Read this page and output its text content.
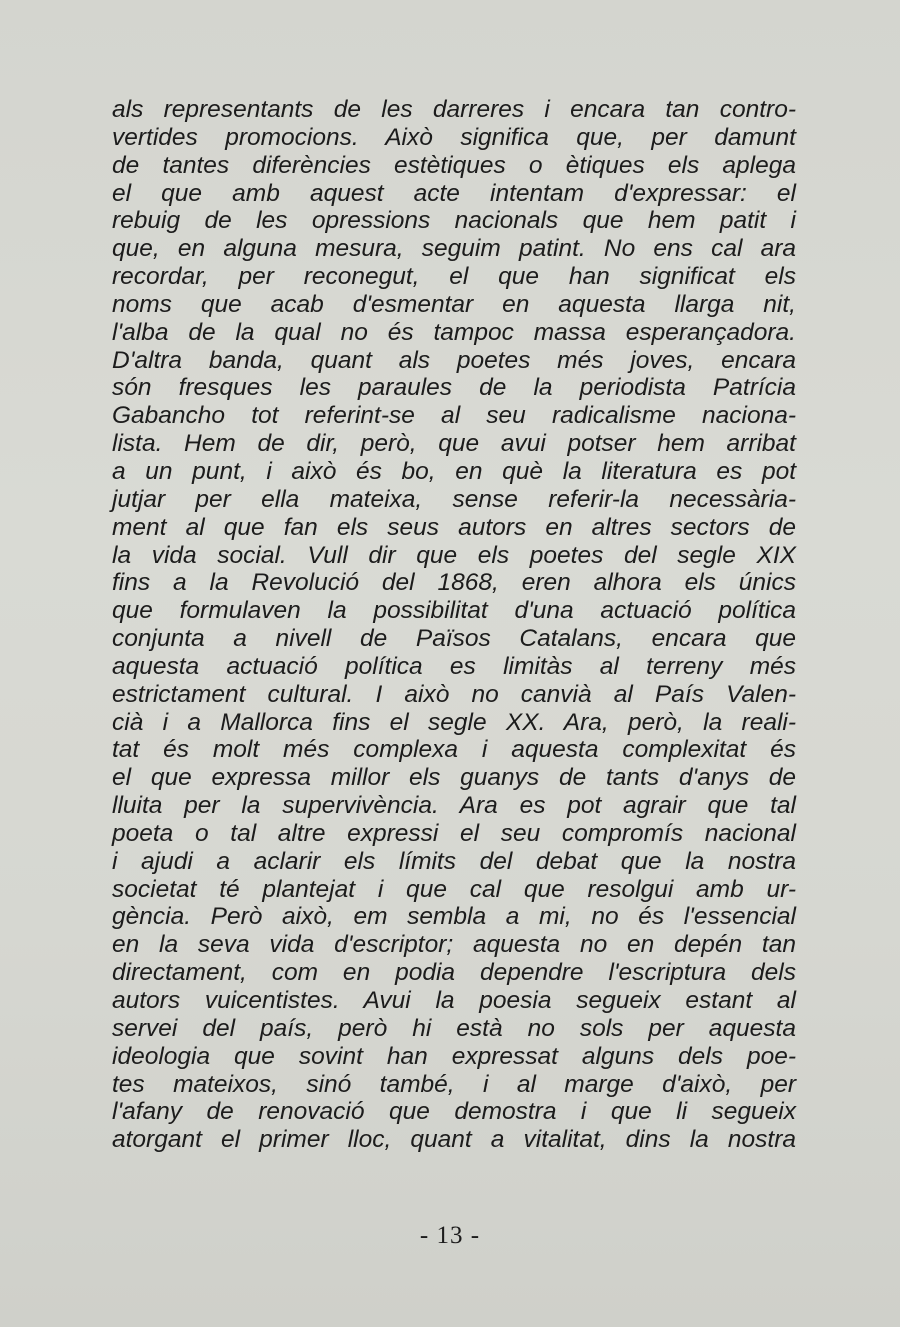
als representants de les darreres i encara tan contro-
vertides promocions. Això significa que, per damunt
de tantes diferències estètiques o ètiques els aplega
el que amb aquest acte intentam d'expressar: el
rebuig de les opressions nacionals que hem patit i
que, en alguna mesura, seguim patint. No ens cal ara
recordar, per reconegut, el que han significat els
noms que acab d'esmentar en aquesta llarga nit,
l'alba de la qual no és tampoc massa esperançadora.
D'altra banda, quant als poetes més joves, encara
són fresques les paraules de la periodista Patrícia
Gabancho tot referint-se al seu radicalisme naciona-
lista. Hem de dir, però, que avui potser hem arribat
a un punt, i això és bo, en què la literatura es pot
jutjar per ella mateixa, sense referir-la necessària-
ment al que fan els seus autors en altres sectors de
la vida social. Vull dir que els poetes del segle XIX
fins a la Revolució del 1868, eren alhora els únics
que formulaven la possibilitat d'una actuació política
conjunta a nivell de Països Catalans, encara que
aquesta actuació política es limitàs al terreny més
estrictament cultural. I això no canvià al País Valen-
cià i a Mallorca fins el segle XX. Ara, però, la reali-
tat és molt més complexa i aquesta complexitat és
el que expressa millor els guanys de tants d'anys de
lluita per la supervivència. Ara es pot agrair que tal
poeta o tal altre expressi el seu compromís nacional
i ajudi a aclarir els límits del debat que la nostra
societat té plantejat i que cal que resolgui amb ur-
gència. Però això, em sembla a mi, no és l'essencial
en la seva vida d'escriptor; aquesta no en depén tan
directament, com en podia dependre l'escriptura dels
autors vuicentistes. Avui la poesia segueix estant al
servei del país, però hi està no sols per aquesta
ideologia que sovint han expressat alguns dels poe-
tes mateixos, sinó també, i al marge d'això, per
l'afany de renovació que demostra i que li segueix
atorgant el primer lloc, quant a vitalitat, dins la nostra
- 13 -
